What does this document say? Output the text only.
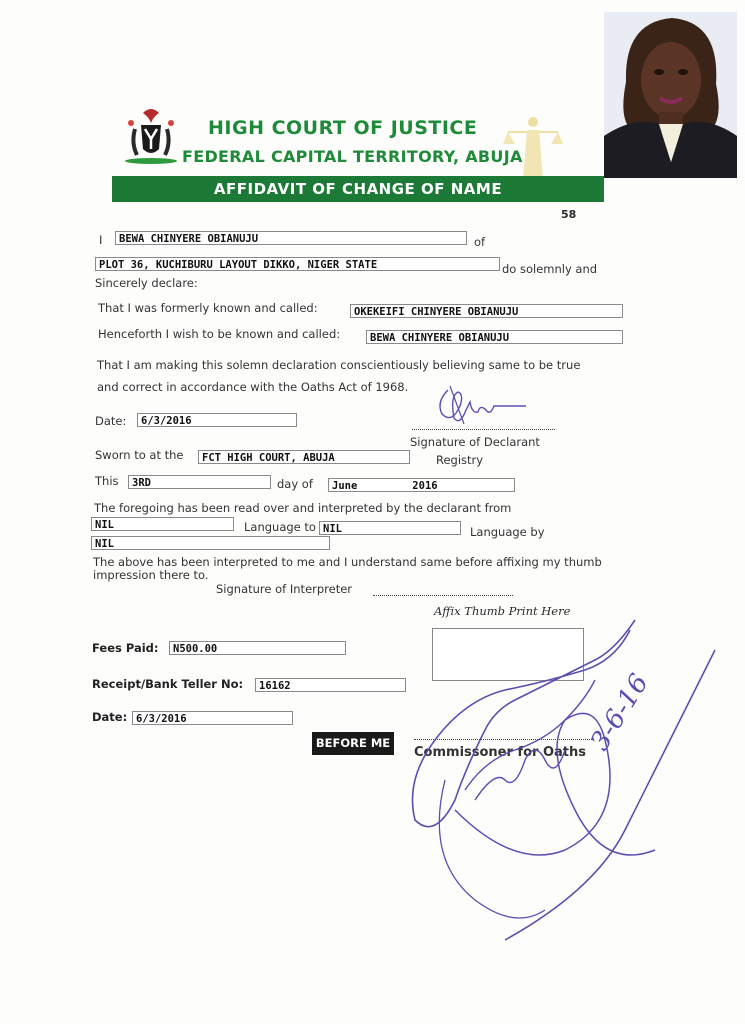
HIGH COURT OF JUSTICE
FEDERAL CAPITAL TERRITORY, ABUJA
AFFIDAVIT OF CHANGE OF NAME
58
I	BEWA CHINYERE OBIANUJU	of
PLOT 36, KUCHIBURU LAYOUT DIKKO, NIGER STATE	do solemnly and
Sincerely declare:
That I was formerly known and called:	OKEKEIFI CHINYERE OBIANUJU
Henceforth I wish to be known and called:	BEWA CHINYERE OBIANUJU
That I am making this solemn declaration conscientiously believing same to be true
and correct in accordance with the Oaths Act of 1968.
Date:	6/3/2016
Signature of Declarant
Registry
Sworn to at the	FCT HIGH COURT, ABUJA
This	3RD	day of	June	2016
The foregoing has been read over and interpreted by the declarant from
NIL	Language to NIL	Language by
NIL
The above has been interpreted to me and I understand same before affixing my thumb
impression there to.
Signature of Interpreter
Affix Thumb Print Here
Fees Paid:	N500.00
Receipt/Bank Teller No:	16162
Date: 6/3/2016
BEFORE ME
Commissoner for Oaths 3-6-16
